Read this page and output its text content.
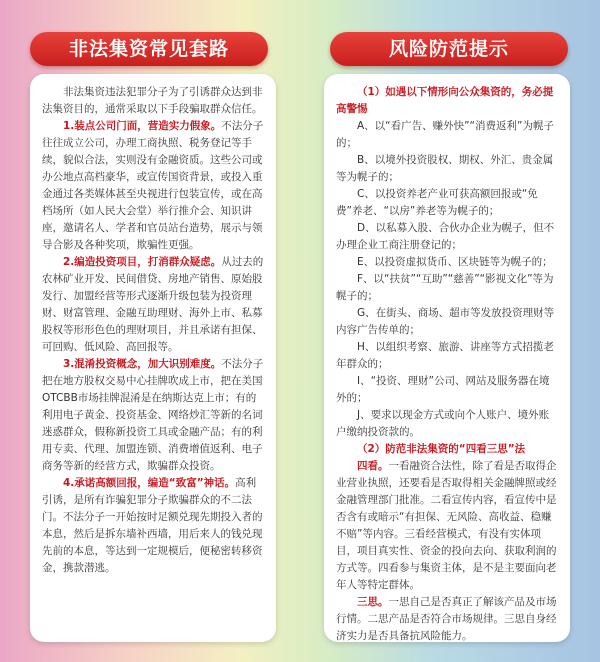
非法集资常见套路	风险防范提示

非法集资违法犯罪分子为了引诱群众达到非法集资目的，通常采取以下手段骗取群众信任。

1.装点公司门面，营造实力假象。不法分子往往成立公司，办理工商执照、税务登记等手续，貌似合法，实则没有金融资质。这些公司或办公地点高档豪华，或宣传国资背景，或投入重金通过各类媒体甚至央视进行包装宣传，或在高档场所（如人民大会堂）举行推介会、知识讲座，邀请名人、学者和官员站台造势，展示与领导合影及各种奖项，欺骗性更强。

2.编造投资项目，打消群众疑虑。从过去的农林矿业开发、民间借贷、房地产销售、原始股发行、加盟经营等形式逐渐升级包装为投资理财、财富管理、金融互助理财、海外上市、私募股权等形形色色的理财项目，并且承诺有担保、可回购、低风险、高回报等。

3.混淆投资概念，加大识别难度。不法分子把在地方股权交易中心挂牌吹成上市，把在美国OTCBB市场挂牌混淆是在纳斯达克上市；有的利用电子黄金、投资基金、网络炒汇等新的名词迷惑群众，假称新投资工具或金融产品；有的利用专卖、代理、加盟连锁、消费增值返利、电子商务等新的经营方式，欺骗群众投资。

4.承诺高额回报，编造“致富”神话。高利引诱，是所有诈骗犯罪分子欺骗群众的不二法门。不法分子一开始按时足额兑现先期投入者的本息，然后是拆东墙补西墙，用后来人的钱兑现先前的本息，等达到一定规模后，便秘密转移资金，携款潜逃。

（1）如遇以下情形向公众集资的，务必提高警惕

A、以“看广告、赚外快”“消费返利”为幌子的；

B、以境外投资股权、期权、外汇、贵金属等为幌子的；

C、以投资养老产业可获高额回报或“免费”养老、“以房”养老等为幌子的；

D、以私募入股、合伙办企业为幌子，但不办理企业工商注册登记的；

E、以投资虚拟货币、区块链等为幌子的；

F、以“扶贫”“互助”“慈善”“影视文化”等为幌子的；

G、在街头、商场、超市等发放投资理财等内容广告传单的；

H、以组织考察、旅游、讲座等方式招揽老年群众的；

I、“投资、理财”公司、网站及服务器在境外的；

J、要求以现金方式或向个人账户、境外账户缴纳投资款的。

（2）防范非法集资的“四看三思”法

四看。一看融资合法性，除了看是否取得企业营业执照，还要看是否取得相关金融牌照或经金融管理部门批准。二看宣传内容，看宣传中是否含有或暗示“有担保、无风险、高收益、稳赚不赔”等内容。三看经营模式，有没有实体项目，项目真实性、资金的投向去向、获取利润的方式等。四看参与集资主体，是不是主要面向老年人等特定群体。

三思。一思自己是否真正了解该产品及市场行情。二思产品是否符合市场规律。三思自身经济实力是否具备抗风险能力。
